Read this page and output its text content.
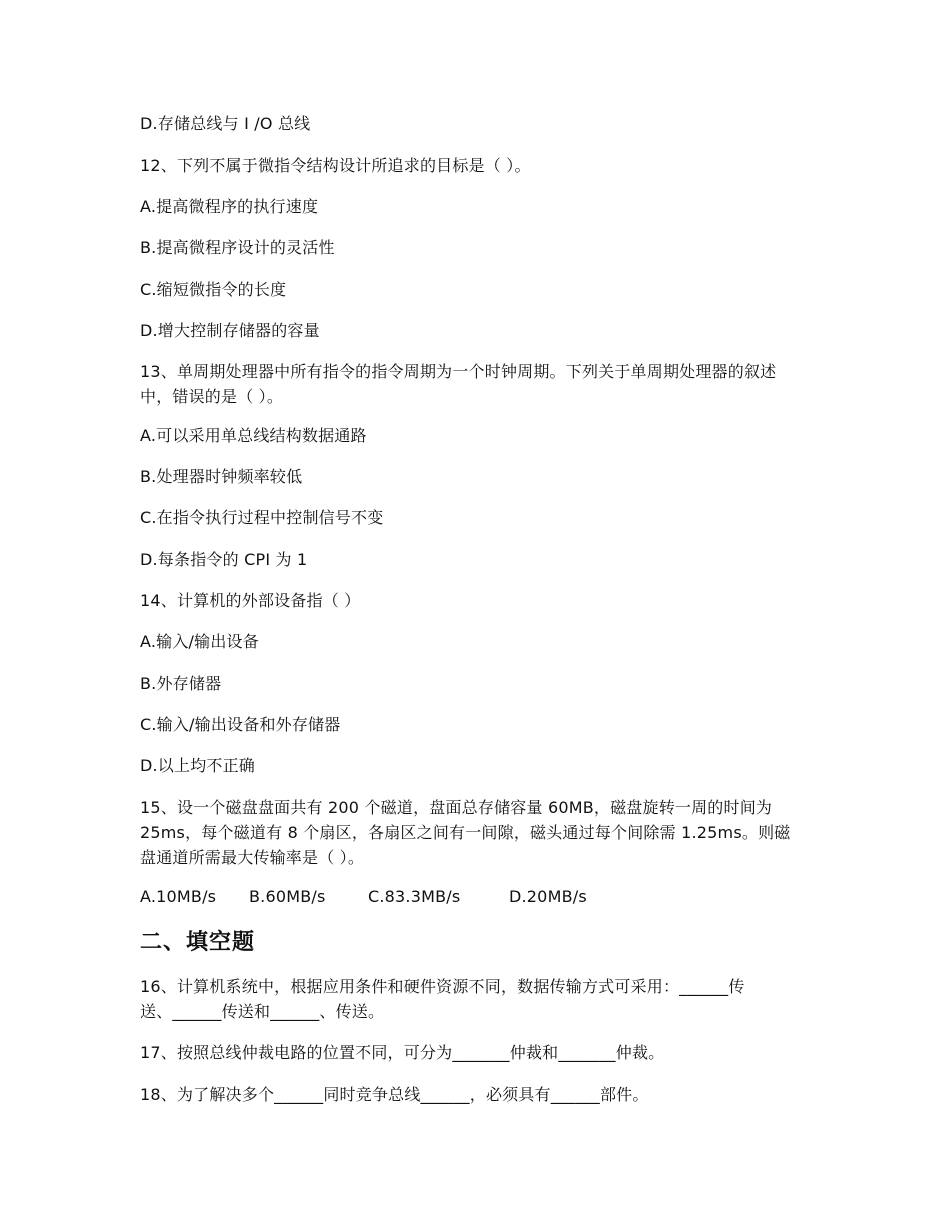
D.存储总线与 I /O 总线
12、下列不属于微指令结构设计所追求的目标是（ ）。
A.提高微程序的执行速度
B.提高微程序设计的灵活性
C.缩短微指令的长度
D.增大控制存储器的容量
13、单周期处理器中所有指令的指令周期为一个时钟周期。下列关于单周期处理器的叙述
中，错误的是（ ）。
A.可以采用单总线结构数据通路
B.处理器时钟频率较低
C.在指令执行过程中控制信号不变
D.每条指令的 CPI 为 1
14、计算机的外部设备指（ ）
A.输入/输出设备
B.外存储器
C.输入/输出设备和外存储器
D.以上均不正确
15、设一个磁盘盘面共有 200 个磁道，盘面总存储容量 60MB，磁盘旋转一周的时间为
25ms，每个磁道有 8 个扇区，各扇区之间有一间隙，磁头通过每个间除需 1.25ms。则磁
盘通道所需最大传输率是（ ）。
A.10MB/s B.60MB/s	C.83.3MB/s	D.20MB/s
二、填空题
16、计算机系统中，根据应用条件和硬件资源不同，数据传输方式可采用：______传
送、______传送和______、传送。
17、按照总线仲裁电路的位置不同，可分为_______仲裁和_______仲裁。
18、为了解决多个______同时竞争总线______，必须具有______部件。
